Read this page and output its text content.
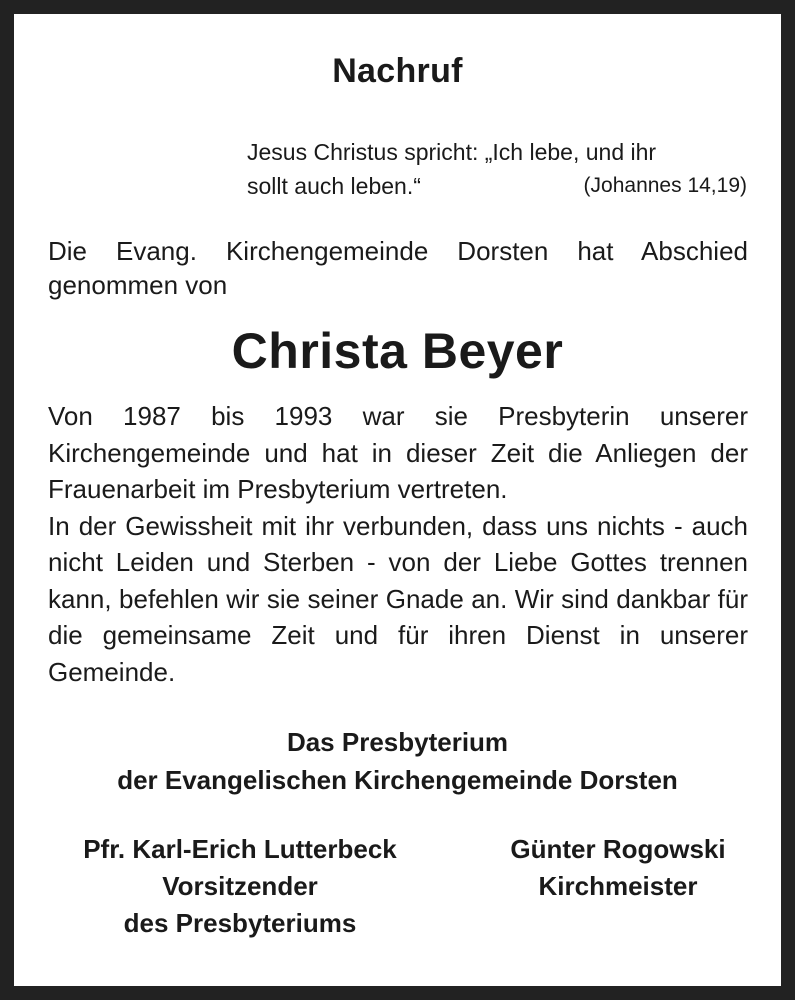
Nachruf
Jesus Christus spricht: „Ich lebe, und ihr
sollt auch leben.“	(Johannes 14,19)
Die Evang. Kirchengemeinde Dorsten hat Abschied genommen von
Christa Beyer

Von 1987 bis 1993 war sie Presbyterin unserer Kirchengemeinde und hat in dieser Zeit die Anliegen der Frauenarbeit im Presbyterium vertreten.

In der Gewissheit mit ihr verbunden, dass uns nichts - auch nicht Leiden und Sterben - von der Liebe Gottes trennen kann, befehlen wir sie seiner Gnade an. Wir sind dankbar für die gemeinsame Zeit und für ihren Dienst in unserer Gemeinde.

Das Presbyterium
der Evangelischen Kirchengemeinde Dorsten
Pfr. Karl-Erich Lutterbeck
Vorsitzender
des Presbyteriums
Günter Rogowski
Kirchmeister
